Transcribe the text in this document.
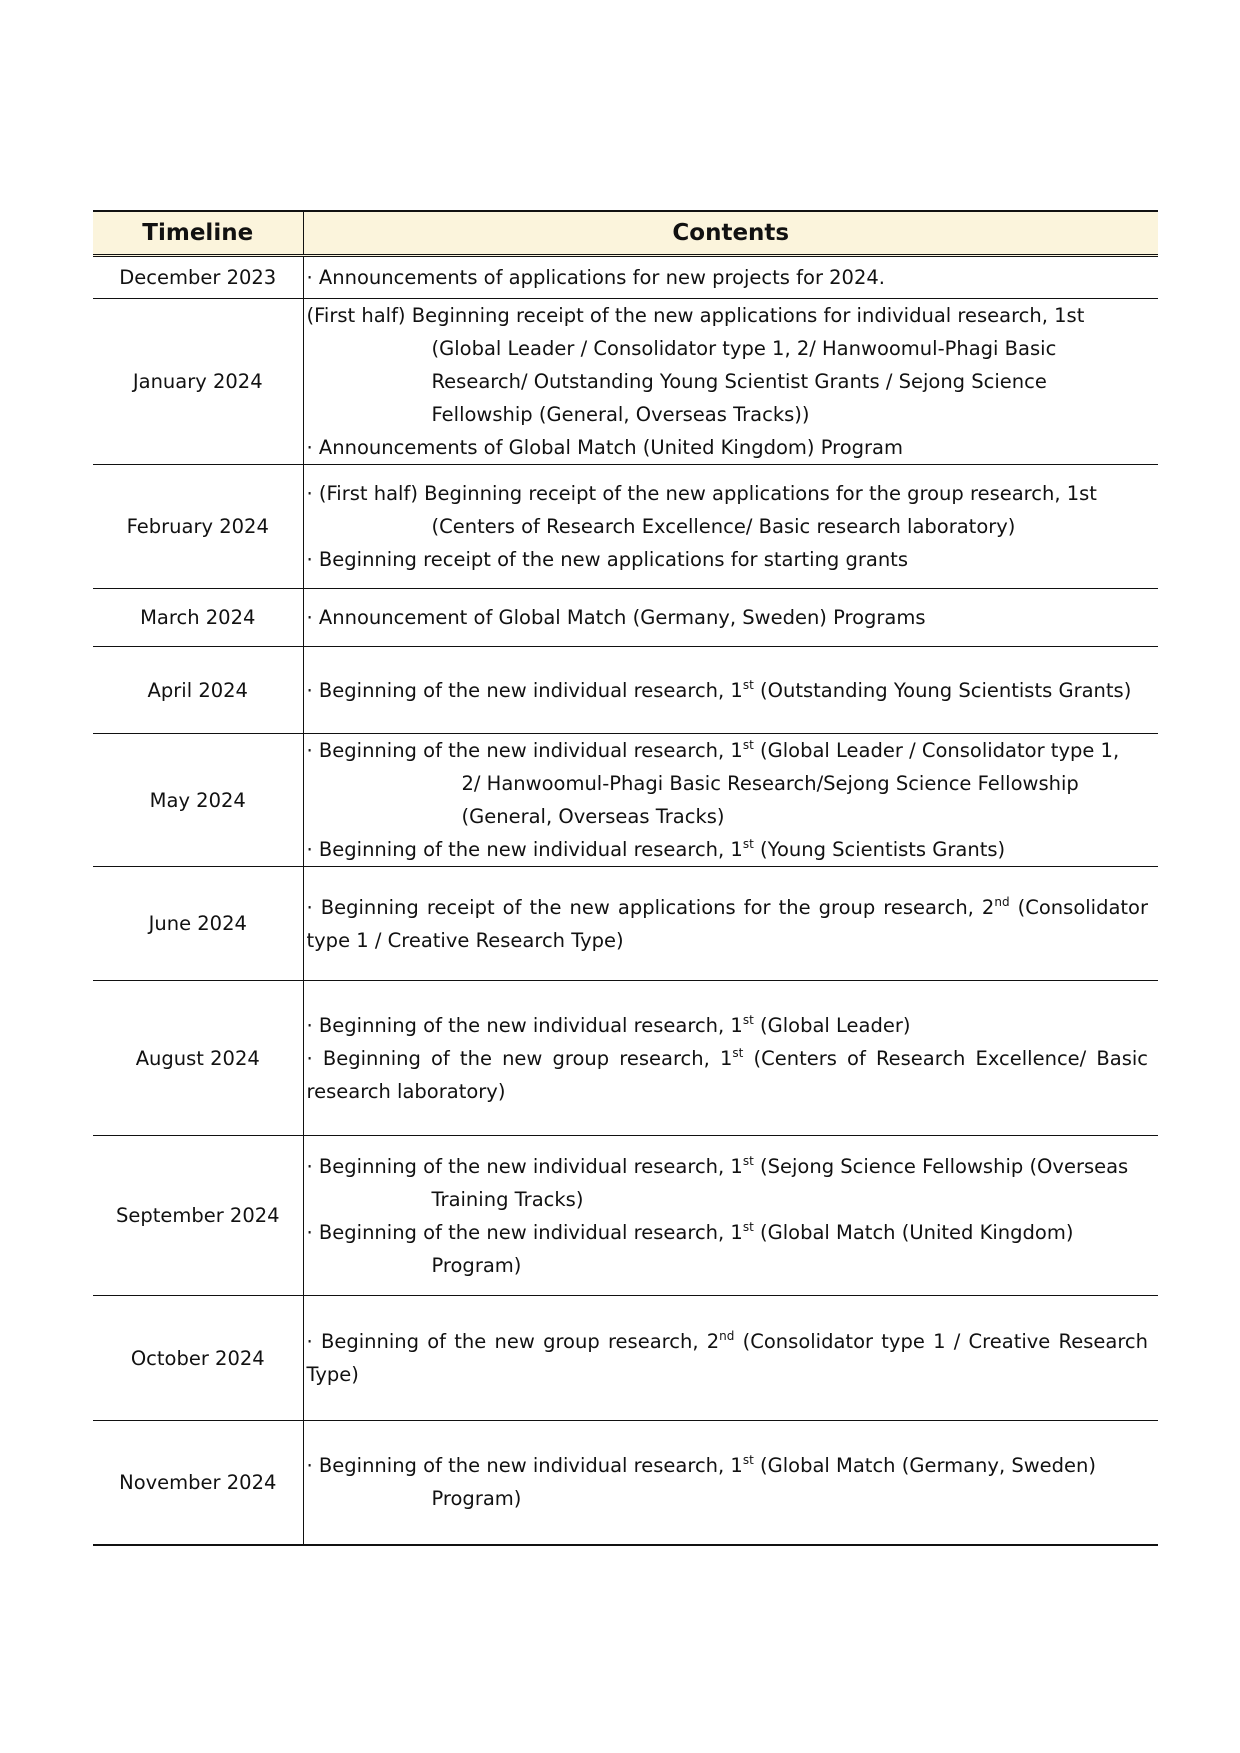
Timeline	Contents
December 2023	· Announcements of applications for new projects for 2024.

January 2024	(First half) Beginning receipt of the new applications for individual research, 1st
(Global Leader / Consolidator type 1, 2/ Hanwoomul-Phagi Basic
Research/ Outstanding Young Scientist Grants / Sejong Science
Fellowship (General, Overseas Tracks))
· Announcements of Global Match (United Kingdom) Program

February 2024	· (First half) Beginning receipt of the new applications for the group research, 1st
(Centers of Research Excellence/ Basic research laboratory)
· Beginning receipt of the new applications for starting grants

March 2024	· Announcement of Global Match (Germany, Sweden) Programs

April 2024	· Beginning of the new individual research, 1st (Outstanding Young Scientists Grants)

May 2024	· Beginning of the new individual research, 1st (Global Leader / Consolidator type 1,
2/ Hanwoomul-Phagi Basic Research/Sejong Science Fellowship
(General, Overseas Tracks)
· Beginning of the new individual research, 1st (Young Scientists Grants)

June 2024	· Beginning receipt of the new applications for the group research, 2nd (Consolidator
type 1 / Creative Research Type)

August 2024	· Beginning of the new individual research, 1st (Global Leader)
· Beginning of the new group research, 1st (Centers of Research Excellence/ Basic
research laboratory)

September 2024	· Beginning of the new individual research, 1st (Sejong Science Fellowship (Overseas
Training Tracks)
· Beginning of the new individual research, 1st (Global Match (United Kingdom)
Program)

October 2024	· Beginning of the new group research, 2nd (Consolidator type 1 / Creative Research
Type)

November 2024	· Beginning of the new individual research, 1st (Global Match (Germany, Sweden)
Program)
